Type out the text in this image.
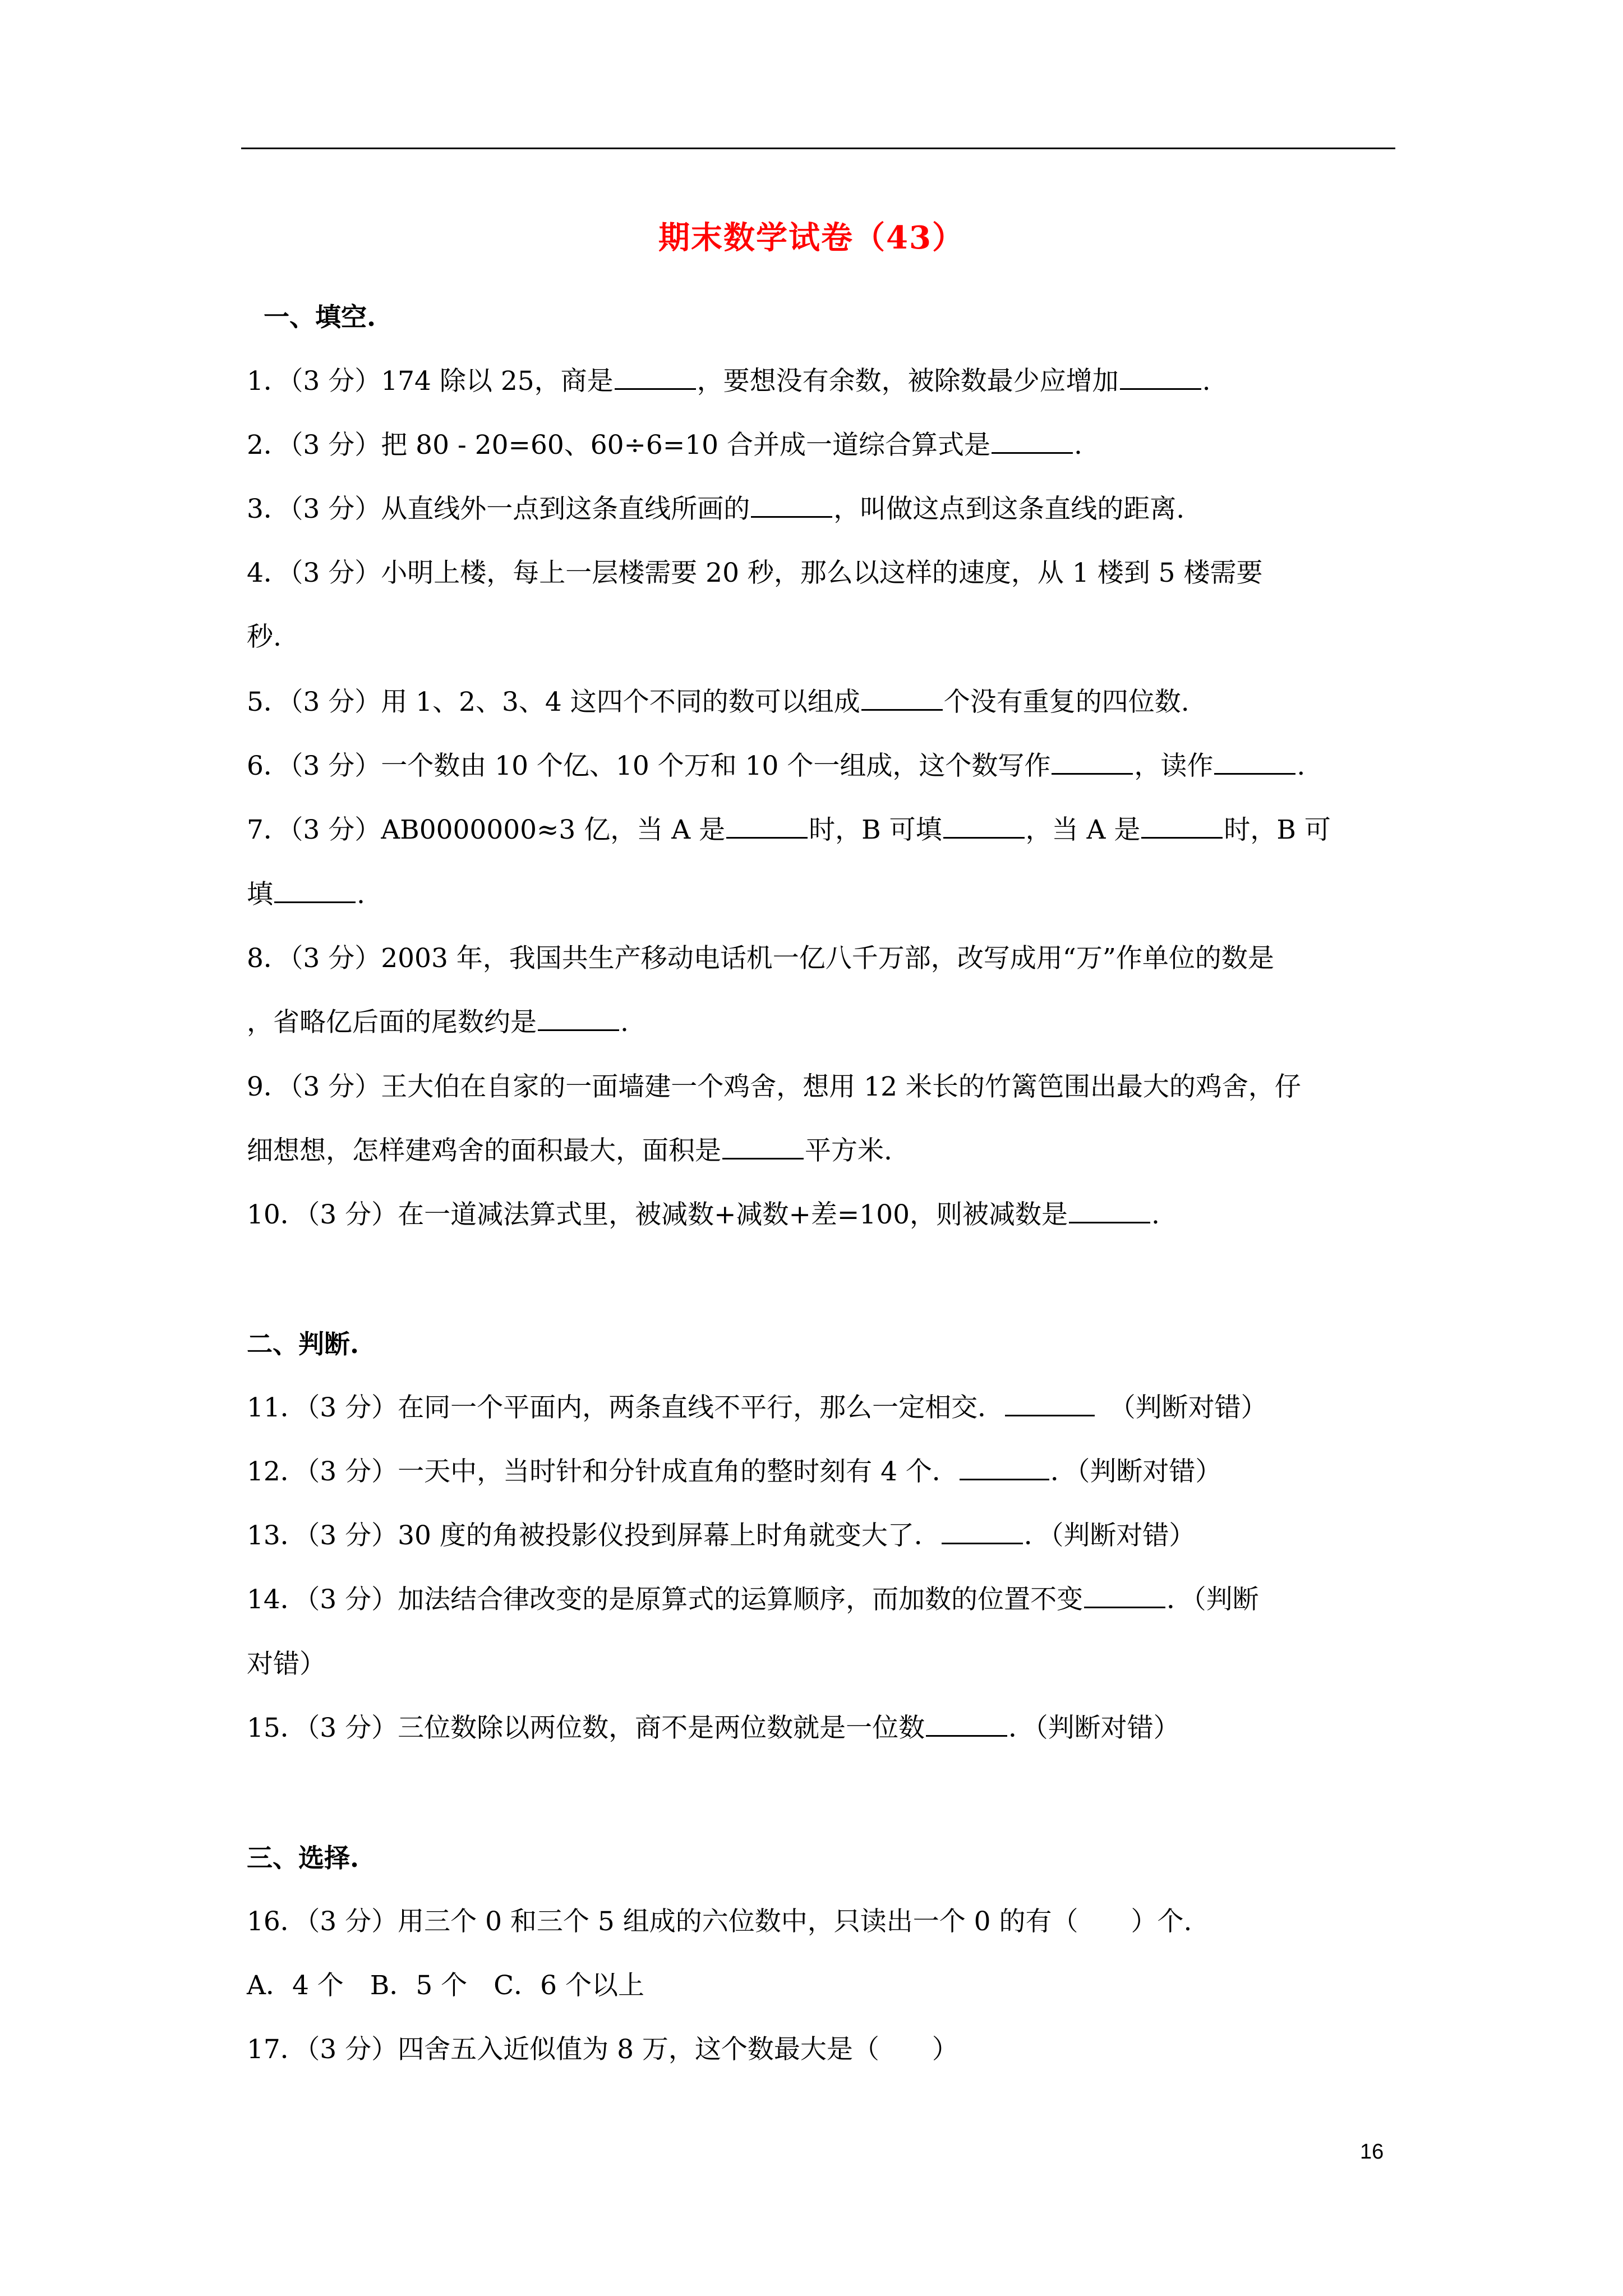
期末数学试卷（43）
一、填空.
1．（3 分）174 除以 25，商是	，要想没有余数，被除数最少应增加	.
2．（3 分）把 80 - 20=60、60÷6=10 合并成一道综合算式是	.
3．（3 分）从直线外一点到这条直线所画的	，叫做这点到这条直线的距离.
4．（3 分）小明上楼，每上一层楼需要 20 秒，那么以这样的速度，从 1 楼到 5 楼需要
秒.
5．（3 分）用 1、2、3、4 这四个不同的数可以组成	个没有重复的四位数.
6．（3 分）一个数由 10 个亿、10 个万和 10 个一组成，这个数写作	，读作	.
7．（3 分）AB0000000≈3 亿，当 A 是	时，B 可填	，当 A 是	时，B 可
填	.
8．（3 分）2003 年，我国共生产移动电话机一亿八千万部，改写成用“万”作单位的数是
，省略亿后面的尾数约是	.
9．（3 分）王大伯在自家的一面墙建一个鸡舍，想用 12 米长的竹篱笆围出最大的鸡舍，仔
细想想，怎样建鸡舍的面积最大，面积是	平方米.
10．（3 分）在一道减法算式里，被减数+减数+差=100，则被减数是	.
二、判断.
11．（3 分）在同一个平面内，两条直线不平行，那么一定相交．　	（判断对错）
12．（3 分）一天中，当时针和分针成直角的整时刻有 4 个．	．（判断对错）
13．（3 分）30 度的角被投影仪投到屏幕上时角就变大了．	．（判断对错）
14．（3 分）加法结合律改变的是原算式的运算顺序，而加数的位置不变	．（判断
对错）
15．（3 分）三位数除以两位数，商不是两位数就是一位数	．（判断对错）
三、选择.
16．（3 分）用三个 0 和三个 5 组成的六位数中，只读出一个 0 的有（　　）个.
A．4 个　B．5 个　C．6 个以上
17．（3 分）四舍五入近似值为 8 万，这个数最大是（　　）
16
